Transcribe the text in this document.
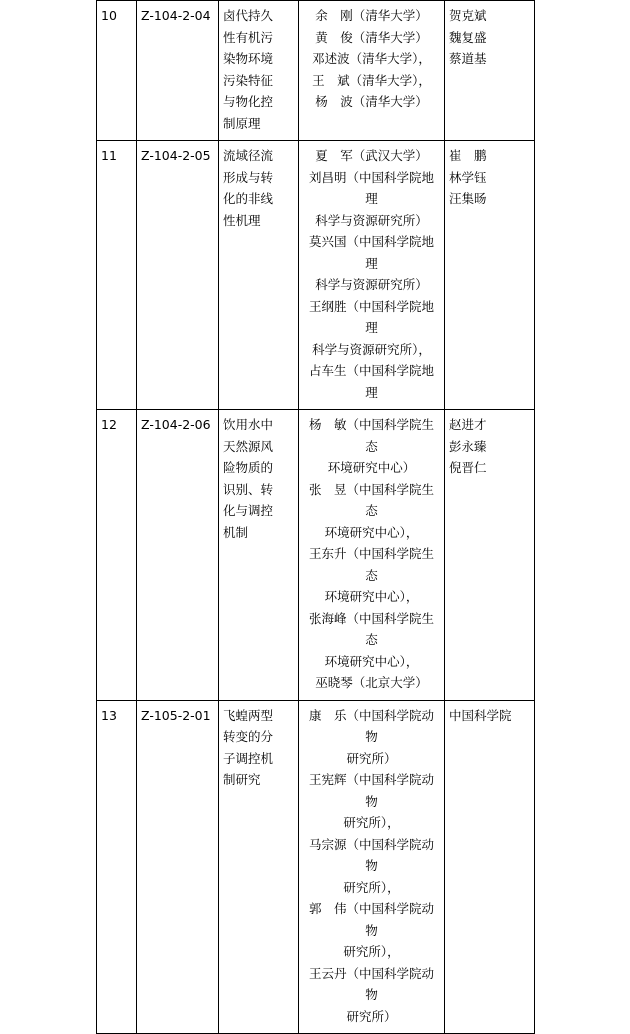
10	Z-104-2-04	卤代持久
性有机污
染物环境
污染特征
与物化控
制原理

余　刚（清华大学）
黄　俊（清华大学）
邓述波（清华大学），
王　斌（清华大学），
杨　波（清华大学）

贺克斌
魏复盛
蔡道基

11	Z-104-2-05	流域径流
形成与转
化的非线
性机理

夏　军（武汉大学）
刘昌明（中国科学院地理
科学与资源研究所）
莫兴国（中国科学院地理
科学与资源研究所）
王纲胜（中国科学院地理
科学与资源研究所），
占车生（中国科学院地理

崔　鹏
林学钰
汪集旸

12	Z-104-2-06	饮用水中
天然源风
险物质的
识别、转
化与调控
机制

杨　敏（中国科学院生态
环境研究中心）
张　昱（中国科学院生态
环境研究中心），
王东升（中国科学院生态
环境研究中心），
张海峰（中国科学院生态
环境研究中心），
巫晓琴（北京大学）

赵进才
彭永臻
倪晋仁

13	Z-105-2-01	飞蝗两型
转变的分
子调控机
制研究

康　乐（中国科学院动物
研究所）
王宪辉（中国科学院动物
研究所），
马宗源（中国科学院动物
研究所），
郭　伟（中国科学院动物
研究所），
王云丹（中国科学院动物
研究所）

中国科学院
